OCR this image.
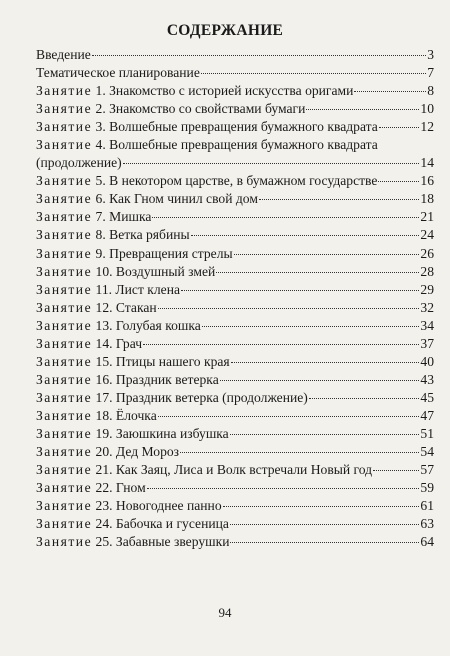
СОДЕРЖАНИЕ
Введение	3
Тематическое планирование	7
Занятие 1. Знакомство с историей искусства оригами	8
Занятие 2. Знакомство со свойствами бумаги	10
Занятие 3. Волшебные превращения бумажного квадрата	12
Занятие 4. Волшебные превращения бумажного квадрата
(продолжение)	14
Занятие 5. В некотором царстве, в бумажном государстве	16
Занятие 6. Как Гном чинил свой дом	18
Занятие 7. Мишка	21
Занятие 8. Ветка рябины	24
Занятие 9. Превращения стрелы	26
Занятие 10. Воздушный змей	28
Занятие 11. Лист клена	29
Занятие 12. Стакан	32
Занятие 13. Голубая кошка	34
Занятие 14. Грач	37
Занятие 15. Птицы нашего края	40
Занятие 16. Праздник ветерка	43
Занятие 17. Праздник ветерка (продолжение)	45
Занятие 18. Ёлочка	47
Занятие 19. Заюшкина избушка	51
Занятие 20. Дед Мороз	54
Занятие 21. Как Заяц, Лиса и Волк встречали Новый год	57
Занятие 22. Гном	59
Занятие 23. Новогоднее панно	61
Занятие 24. Бабочка и гусеница	63
Занятие 25. Забавные зверушки	64
94
